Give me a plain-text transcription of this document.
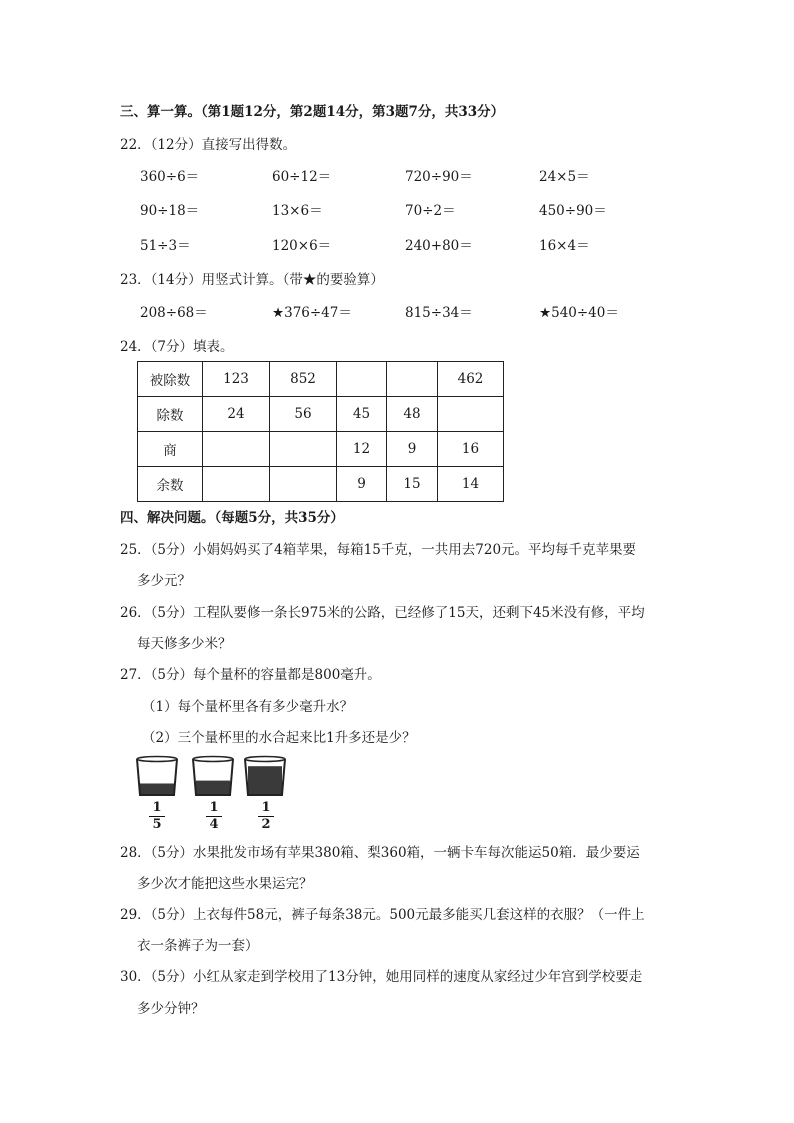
三、算一算。（第1题12分，第2题14分，第3题7分，共33分）
22．（12分）直接写出得数。
360÷6＝	60÷12＝	720÷90＝	24×5＝
90÷18＝	13×6＝	70÷2＝	450÷90＝
51÷3＝	120×6＝	240+80＝	16×4＝
23．（14分）用竖式计算。（带★的要验算）
208÷68＝	★376÷47＝	815÷34＝	★540÷40＝
24．（7分）填表。
被除数	123	852			462
除数	24	56	45	48	
商			12	9	16
余数			9	15	14
四、解决问题。（每题5分，共35分）
25．（5分）小娟妈妈买了4箱苹果，每箱15千克，一共用去720元。平均每千克苹果要
多少元？
26．（5分）工程队要修一条长975米的公路，已经修了15天，还剩下45米没有修，平均
每天修多少米？
27．（5分）每个量杯的容量都是800毫升。
（1）每个量杯里各有多少毫升水？
（2）三个量杯里的水合起来比1升多还是少？
1
5
1
4
1
2
28．（5分）水果批发市场有苹果380箱、梨360箱，一辆卡车每次能运50箱．最少要运
多少次才能把这些水果运完？
29．（5分）上衣每件58元，裤子每条38元。500元最多能买几套这样的衣服？（一件上
衣一条裤子为一套）
30．（5分）小红从家走到学校用了13分钟，她用同样的速度从家经过少年宫到学校要走
多少分钟？
